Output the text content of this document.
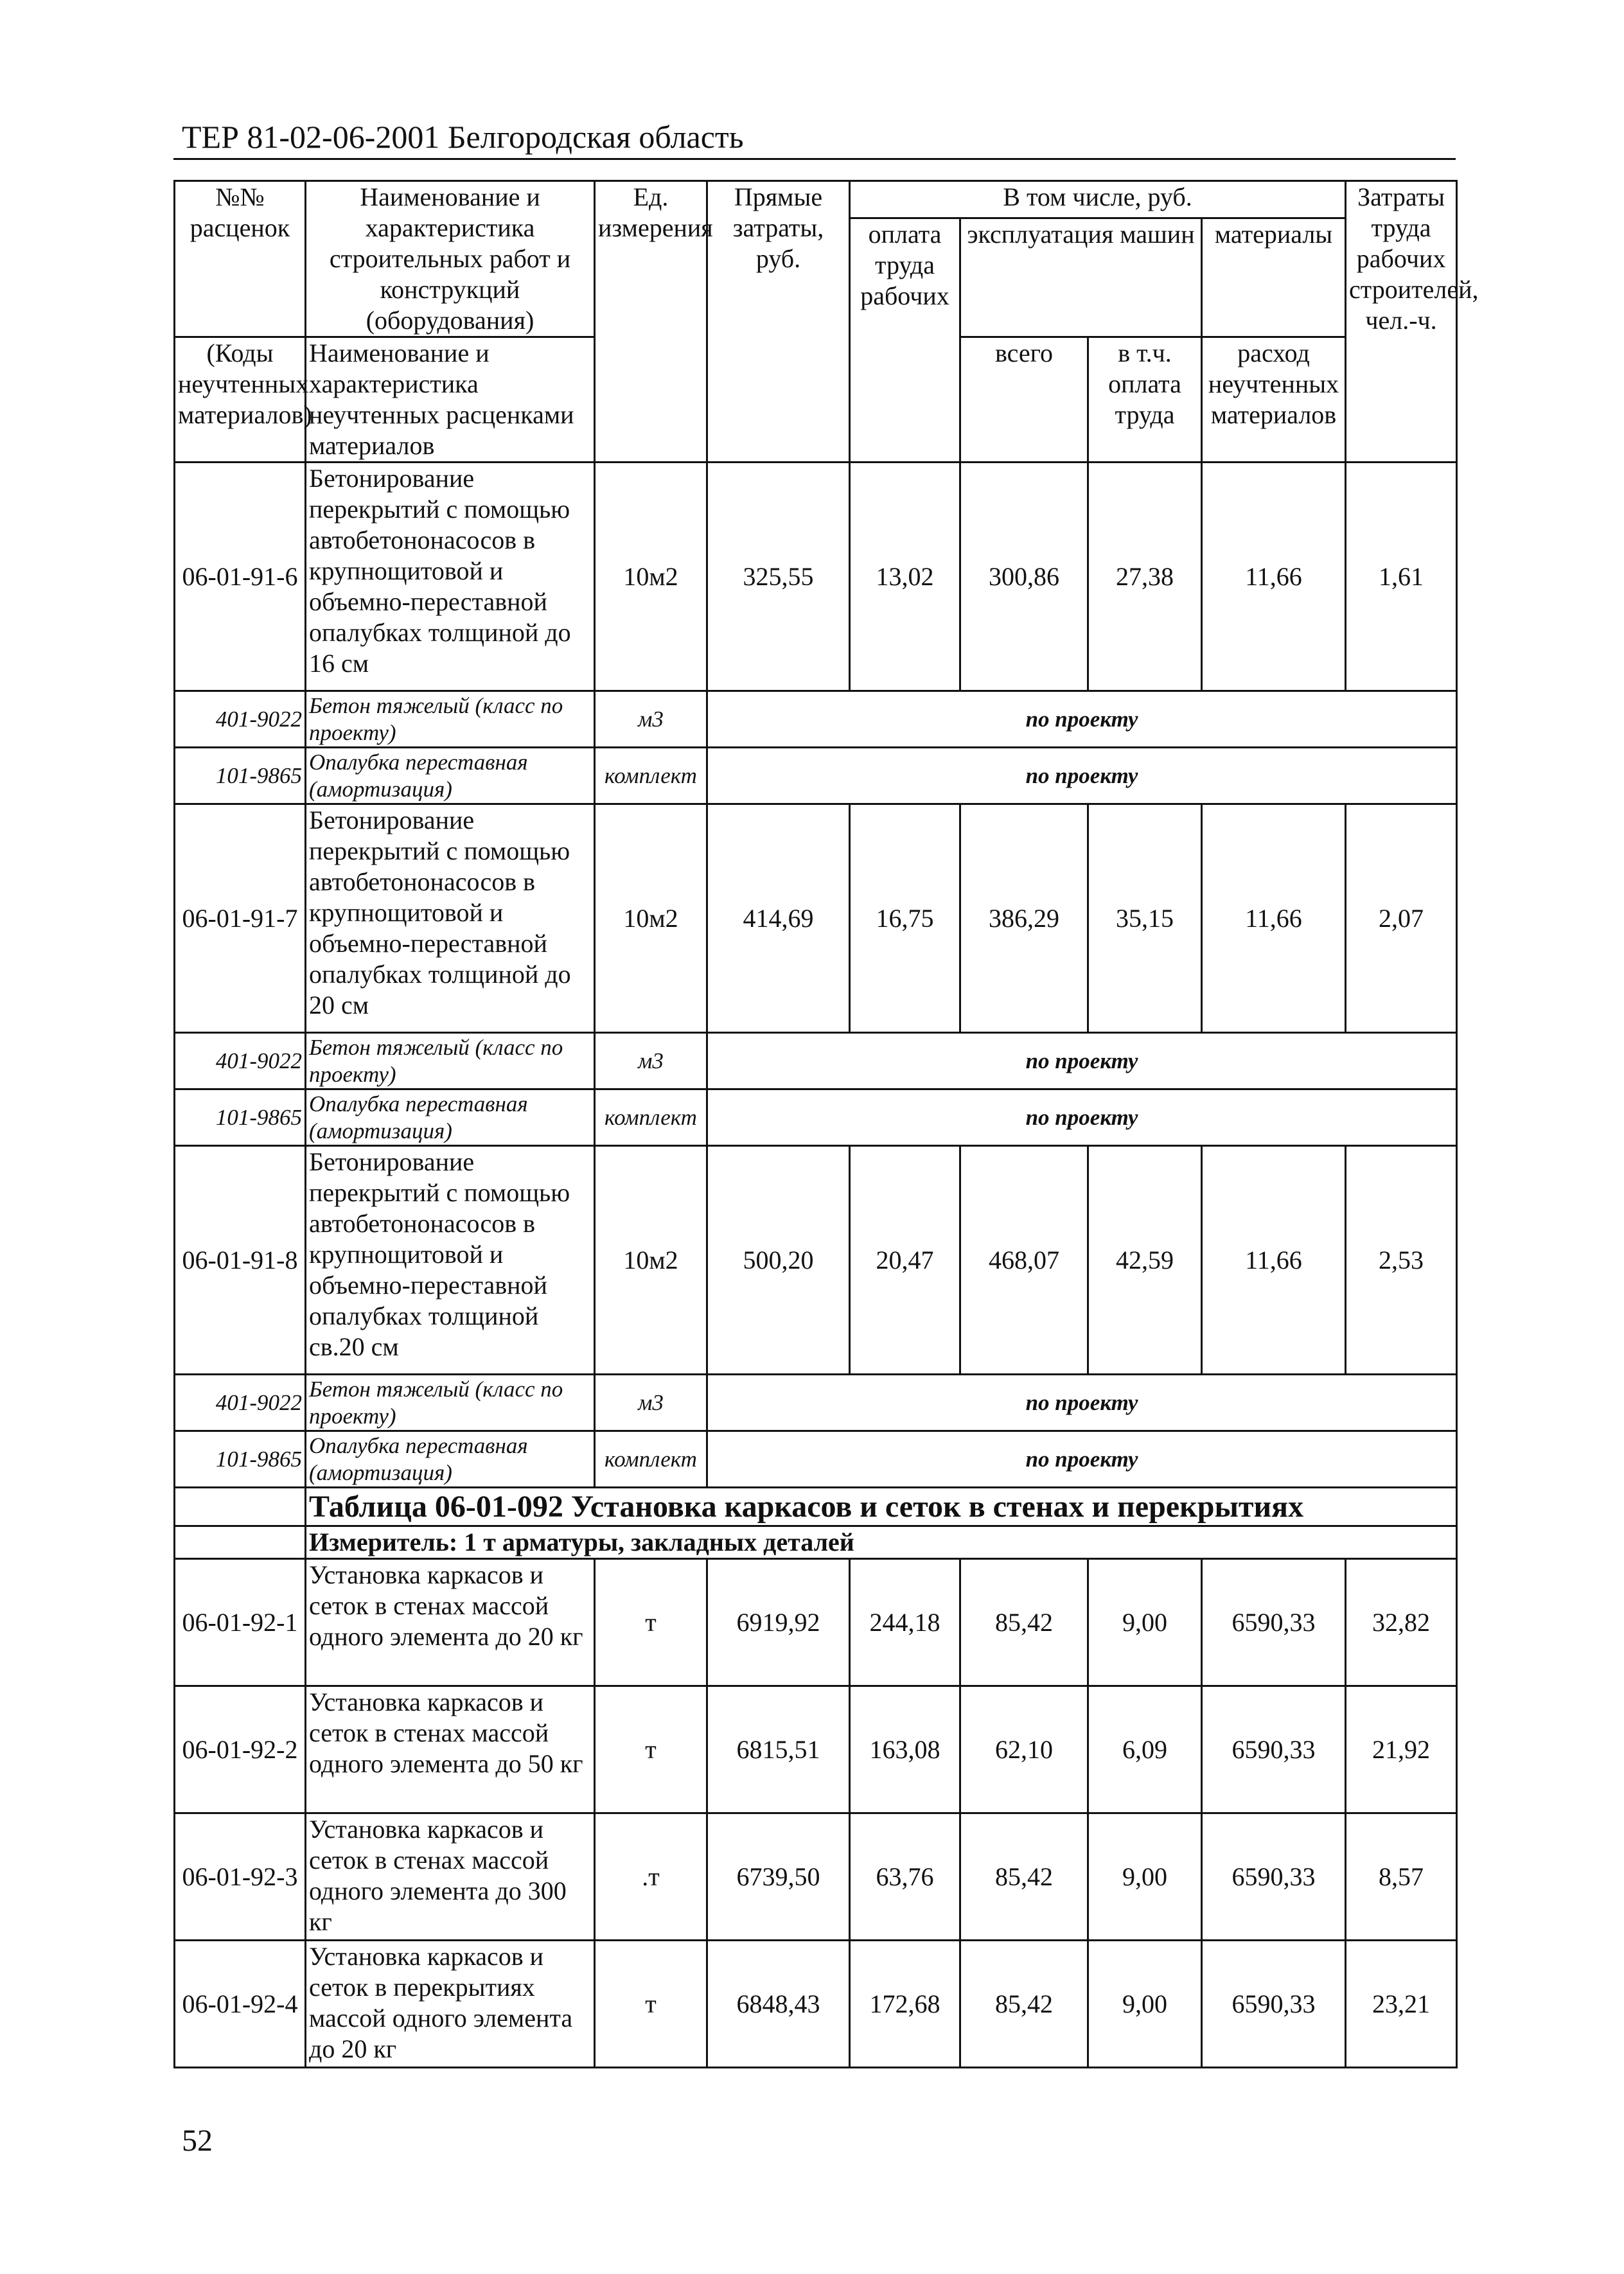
ТЕР 81-02-06-2001 Белгородская область
№№ расценок	Наименование и характеристика строительных работ и конструкций (оборудования)	Ед. измерения	Прямые затраты, руб.	В том числе, руб.				Затраты труда рабочих строителей, чел.-ч.
				оплата труда рабочих	эксплуатация машин		материалы	
(Коды неучтенных материалов)	Наименование и характеристика неучтенных расценками материалов				всего	в т.ч. оплата труда	расход неучтенных материалов	

06-01-91-6	Бетонирование перекрытий с помощью автобетононасосов в крупнощитовой и объемно-переставной опалубках толщиной до 16 см	10м2	325,55	13,02	300,86	27,38	11,66	1,61
401-9022	Бетон тяжелый (класс по проекту)	м3	по проекту					
101-9865	Опалубка переставная (амортизация)	комплект	по проекту					
06-01-91-7	Бетонирование перекрытий с помощью автобетононасосов в крупнощитовой и объемно-переставной опалубках толщиной до 20 см	10м2	414,69	16,75	386,29	35,15	11,66	2,07
401-9022	Бетон тяжелый (класс по проекту)	м3	по проекту					
101-9865	Опалубка переставная (амортизация)	комплект	по проекту					
06-01-91-8	Бетонирование перекрытий с помощью автобетононасосов в крупнощитовой и объемно-переставной опалубках толщиной св.20 см	10м2	500,20	20,47	468,07	42,59	11,66	2,53
401-9022	Бетон тяжелый (класс по проекту)	м3	по проекту					
101-9865	Опалубка переставная (амортизация)	комплект	по проекту					
	Таблица 06-01-092 Установка каркасов и сеток в стенах и перекрытиях							
	Измеритель: 1 т арматуры, закладных деталей							
06-01-92-1	Установка каркасов и сеток в стенах массой одного элемента до 20 кг	т	6919,92	244,18	85,42	9,00	6590,33	32,82
06-01-92-2	Установка каркасов и сеток в стенах массой одного элемента до 50 кг	т	6815,51	163,08	62,10	6,09	6590,33	21,92
06-01-92-3	Установка каркасов и сеток в стенах массой одного элемента до 300 кг	.т	6739,50	63,76	85,42	9,00	6590,33	8,57
06-01-92-4	Установка каркасов и сеток в перекрытиях массой одного элемента до 20 кг	т	6848,43	172,68	85,42	9,00	6590,33	23,21
52
